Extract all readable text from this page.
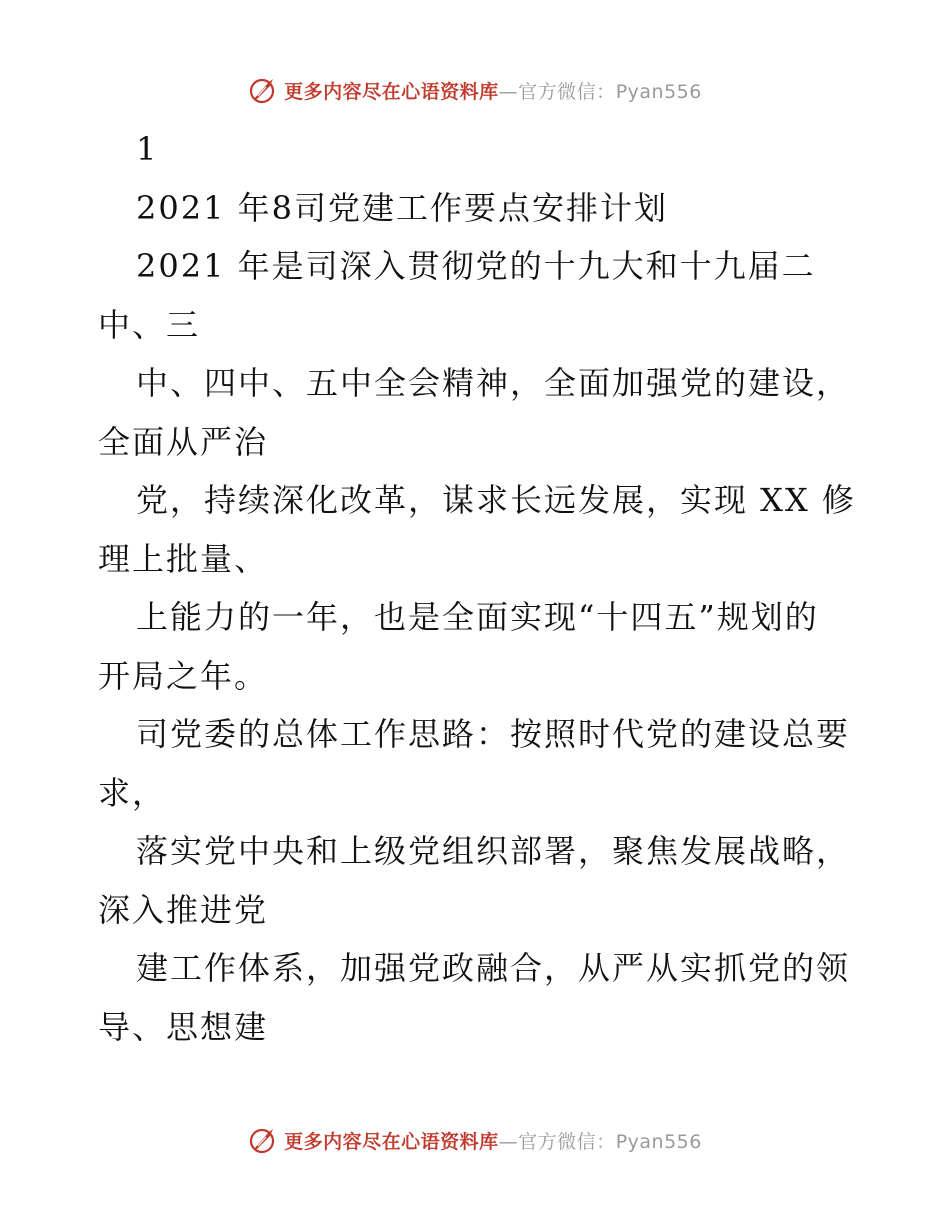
更多内容尽在心语资料库—官方微信：Pyan556
1
2021 年8司党建工作要点安排计划
2021 年是司深入贯彻党的十九大和十九届二
中、三
中、四中、五中全会精神，全面加强党的建设，
全面从严治
党，持续深化改革，谋求长远发展，实现 XX 修
理上批量、
上能力的一年，也是全面实现“十四五”规划的
开局之年。
司党委的总体工作思路：按照时代党的建设总要
求，
落实党中央和上级党组织部署，聚焦发展战略，
深入推进党
建工作体系，加强党政融合，从严从实抓党的领
导、思想建
更多内容尽在心语资料库—官方微信：Pyan556
